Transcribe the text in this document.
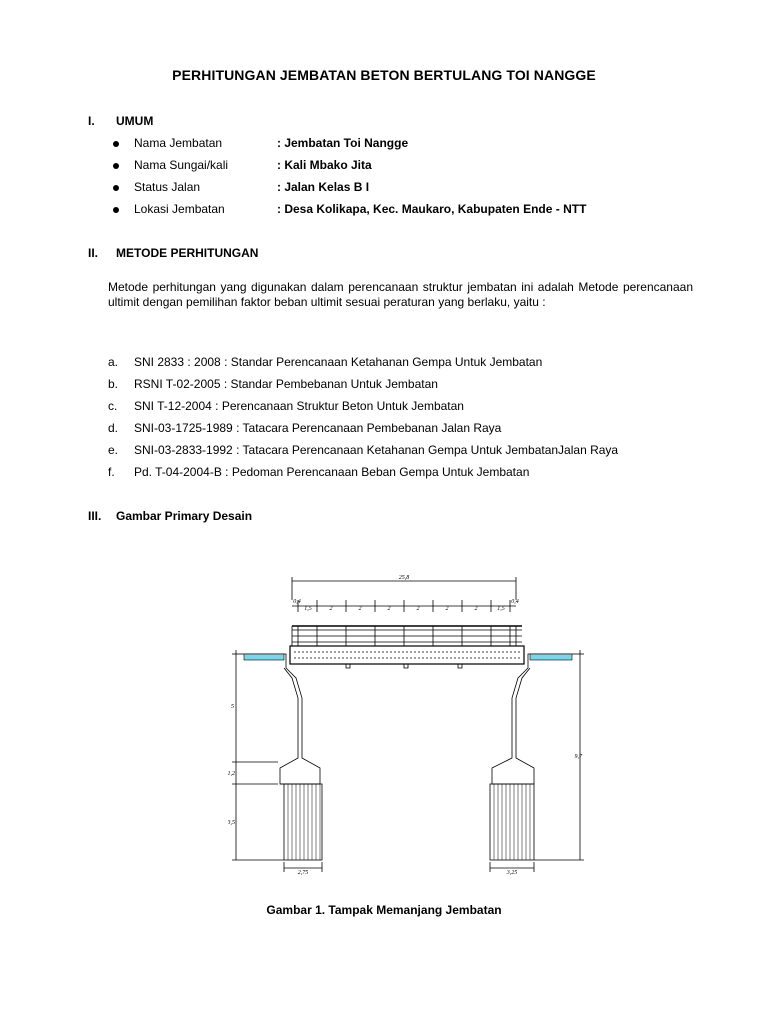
PERHITUNGAN JEMBATAN BETON BERTULANG TOI NANGGE
I. UMUM
Nama Jembatan	: Jembatan Toi Nangge
Nama Sungai/kali	: Kali Mbako Jita
Status Jalan	: Jalan Kelas B I
Lokasi Jembatan	: Desa Kolikapa, Kec. Maukaro, Kabupaten Ende - NTT
II. METODE PERHITUNGAN
Metode perhitungan yang digunakan dalam perencanaan struktur jembatan ini adalah Metode perencanaan ultimit dengan pemilihan faktor beban ultimit sesuai peraturan yang berlaku, yaitu :
a. SNI 2833 : 2008 : Standar Perencanaan Ketahanan Gempa Untuk Jembatan
b. RSNI T-02-2005 : Standar Pembebanan Untuk Jembatan
c. SNI T-12-2004 : Perencanaan Struktur Beton Untuk Jembatan
d. SNI-03-1725-1989 : Tatacara Perencanaan Pembebanan Jalan Raya
e. SNI-03-2833-1992 : Tatacara Perencanaan Ketahanan Gempa Untuk JembatanJalan Raya
f. Pd. T-04-2004-B : Pedoman Perencanaan Beban Gempa Untuk Jembatan
III. Gambar Primary Desain
25,8
0,4	0,4
1,5	2	2	2	2	2	2	1,5
5
1,2
3,5
9,7
2,75	3,25
Gambar 1. Tampak Memanjang Jembatan
